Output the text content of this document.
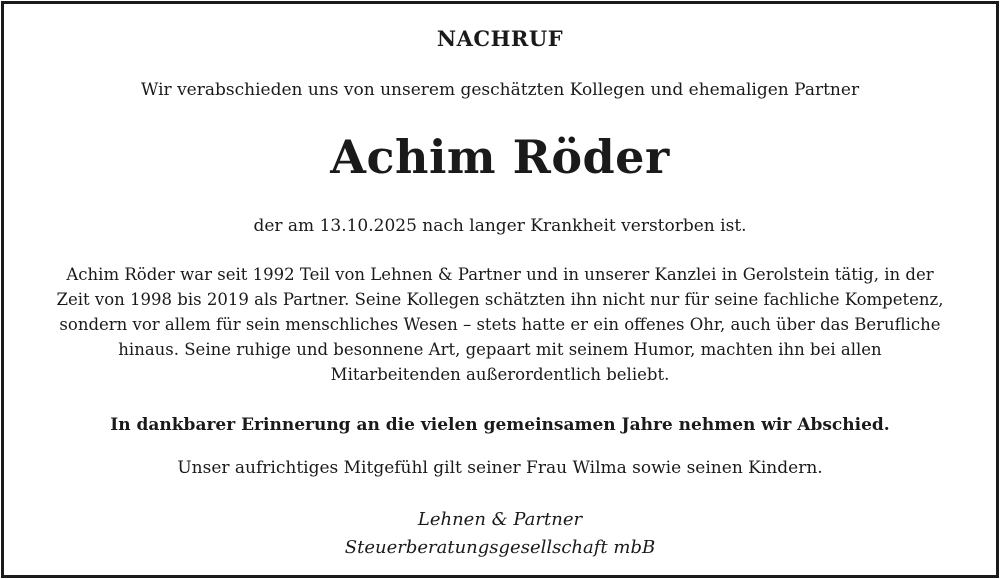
NACHRUF

Wir verabschieden uns von unserem geschätzten Kollegen und ehemaligen Partner

Achim Röder

der am 13.10.2025 nach langer Krankheit verstorben ist.

Achim Röder war seit 1992 Teil von Lehnen & Partner und in unserer Kanzlei in Gerolstein tätig, in der
Zeit von 1998 bis 2019 als Partner. Seine Kollegen schätzten ihn nicht nur für seine fachliche Kompetenz,
sondern vor allem für sein menschliches Wesen – stets hatte er ein offenes Ohr, auch über das Berufliche
hinaus. Seine ruhige und besonnene Art, gepaart mit seinem Humor, machten ihn bei allen
Mitarbeitenden außerordentlich beliebt.

In dankbarer Erinnerung an die vielen gemeinsamen Jahre nehmen wir Abschied.

Unser aufrichtiges Mitgefühl gilt seiner Frau Wilma sowie seinen Kindern.

Lehnen & Partner

Steuerberatungsgesellschaft mbB
